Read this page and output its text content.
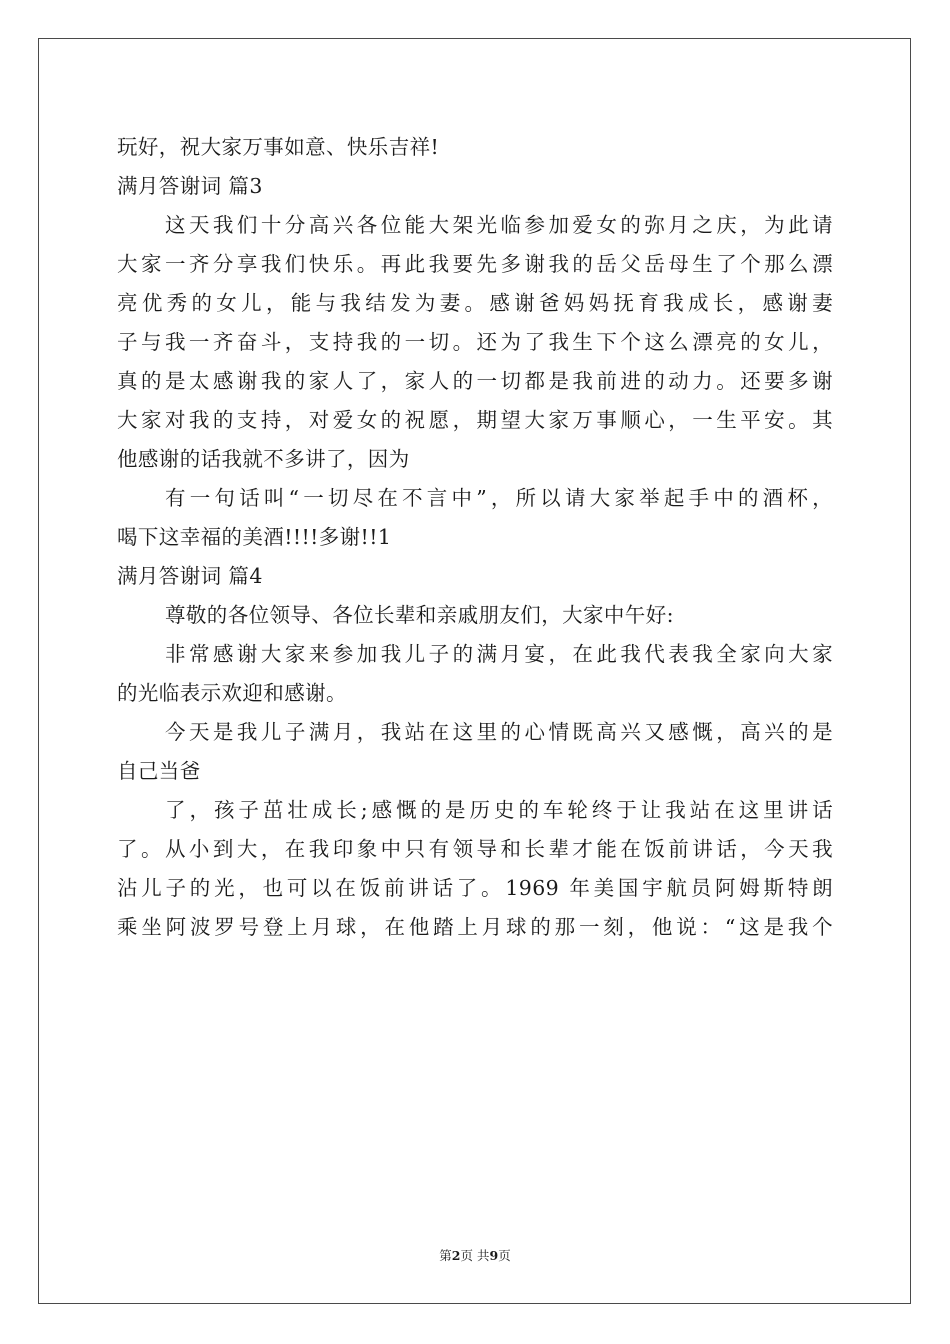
玩好，祝大家万事如意、快乐吉祥!
满月答谢词 篇3
这天我们十分高兴各位能大架光临参加爱女的弥月之庆，为此请
大家一齐分享我们快乐。再此我要先多谢我的岳父岳母生了个那么漂
亮优秀的女儿，能与我结发为妻。感谢爸妈妈抚育我成长，感谢妻
子与我一齐奋斗，支持我的一切。还为了我生下个这么漂亮的女儿，
真的是太感谢我的家人了，家人的一切都是我前进的动力。还要多谢
大家对我的支持，对爱女的祝愿，期望大家万事顺心，一生平安。其
他感谢的话我就不多讲了，因为
有一句话叫“一切尽在不言中”，所以请大家举起手中的酒杯，
喝下这幸福的美酒!!!!多谢!!1
满月答谢词 篇4
尊敬的各位领导、各位长辈和亲戚朋友们，大家中午好:
非常感谢大家来参加我儿子的满月宴，在此我代表我全家向大家
的光临表示欢迎和感谢。
今天是我儿子满月，我站在这里的心情既高兴又感慨，高兴的是
自己当爸
了，孩子茁壮成长;感慨的是历史的车轮终于让我站在这里讲话
了。从小到大，在我印象中只有领导和长辈才能在饭前讲话，今天我
沾儿子的光，也可以在饭前讲话了。1969 年美国宇航员阿姆斯特朗
乘坐阿波罗号登上月球，在他踏上月球的那一刻，他说：“这是我个
第2页 共9页
